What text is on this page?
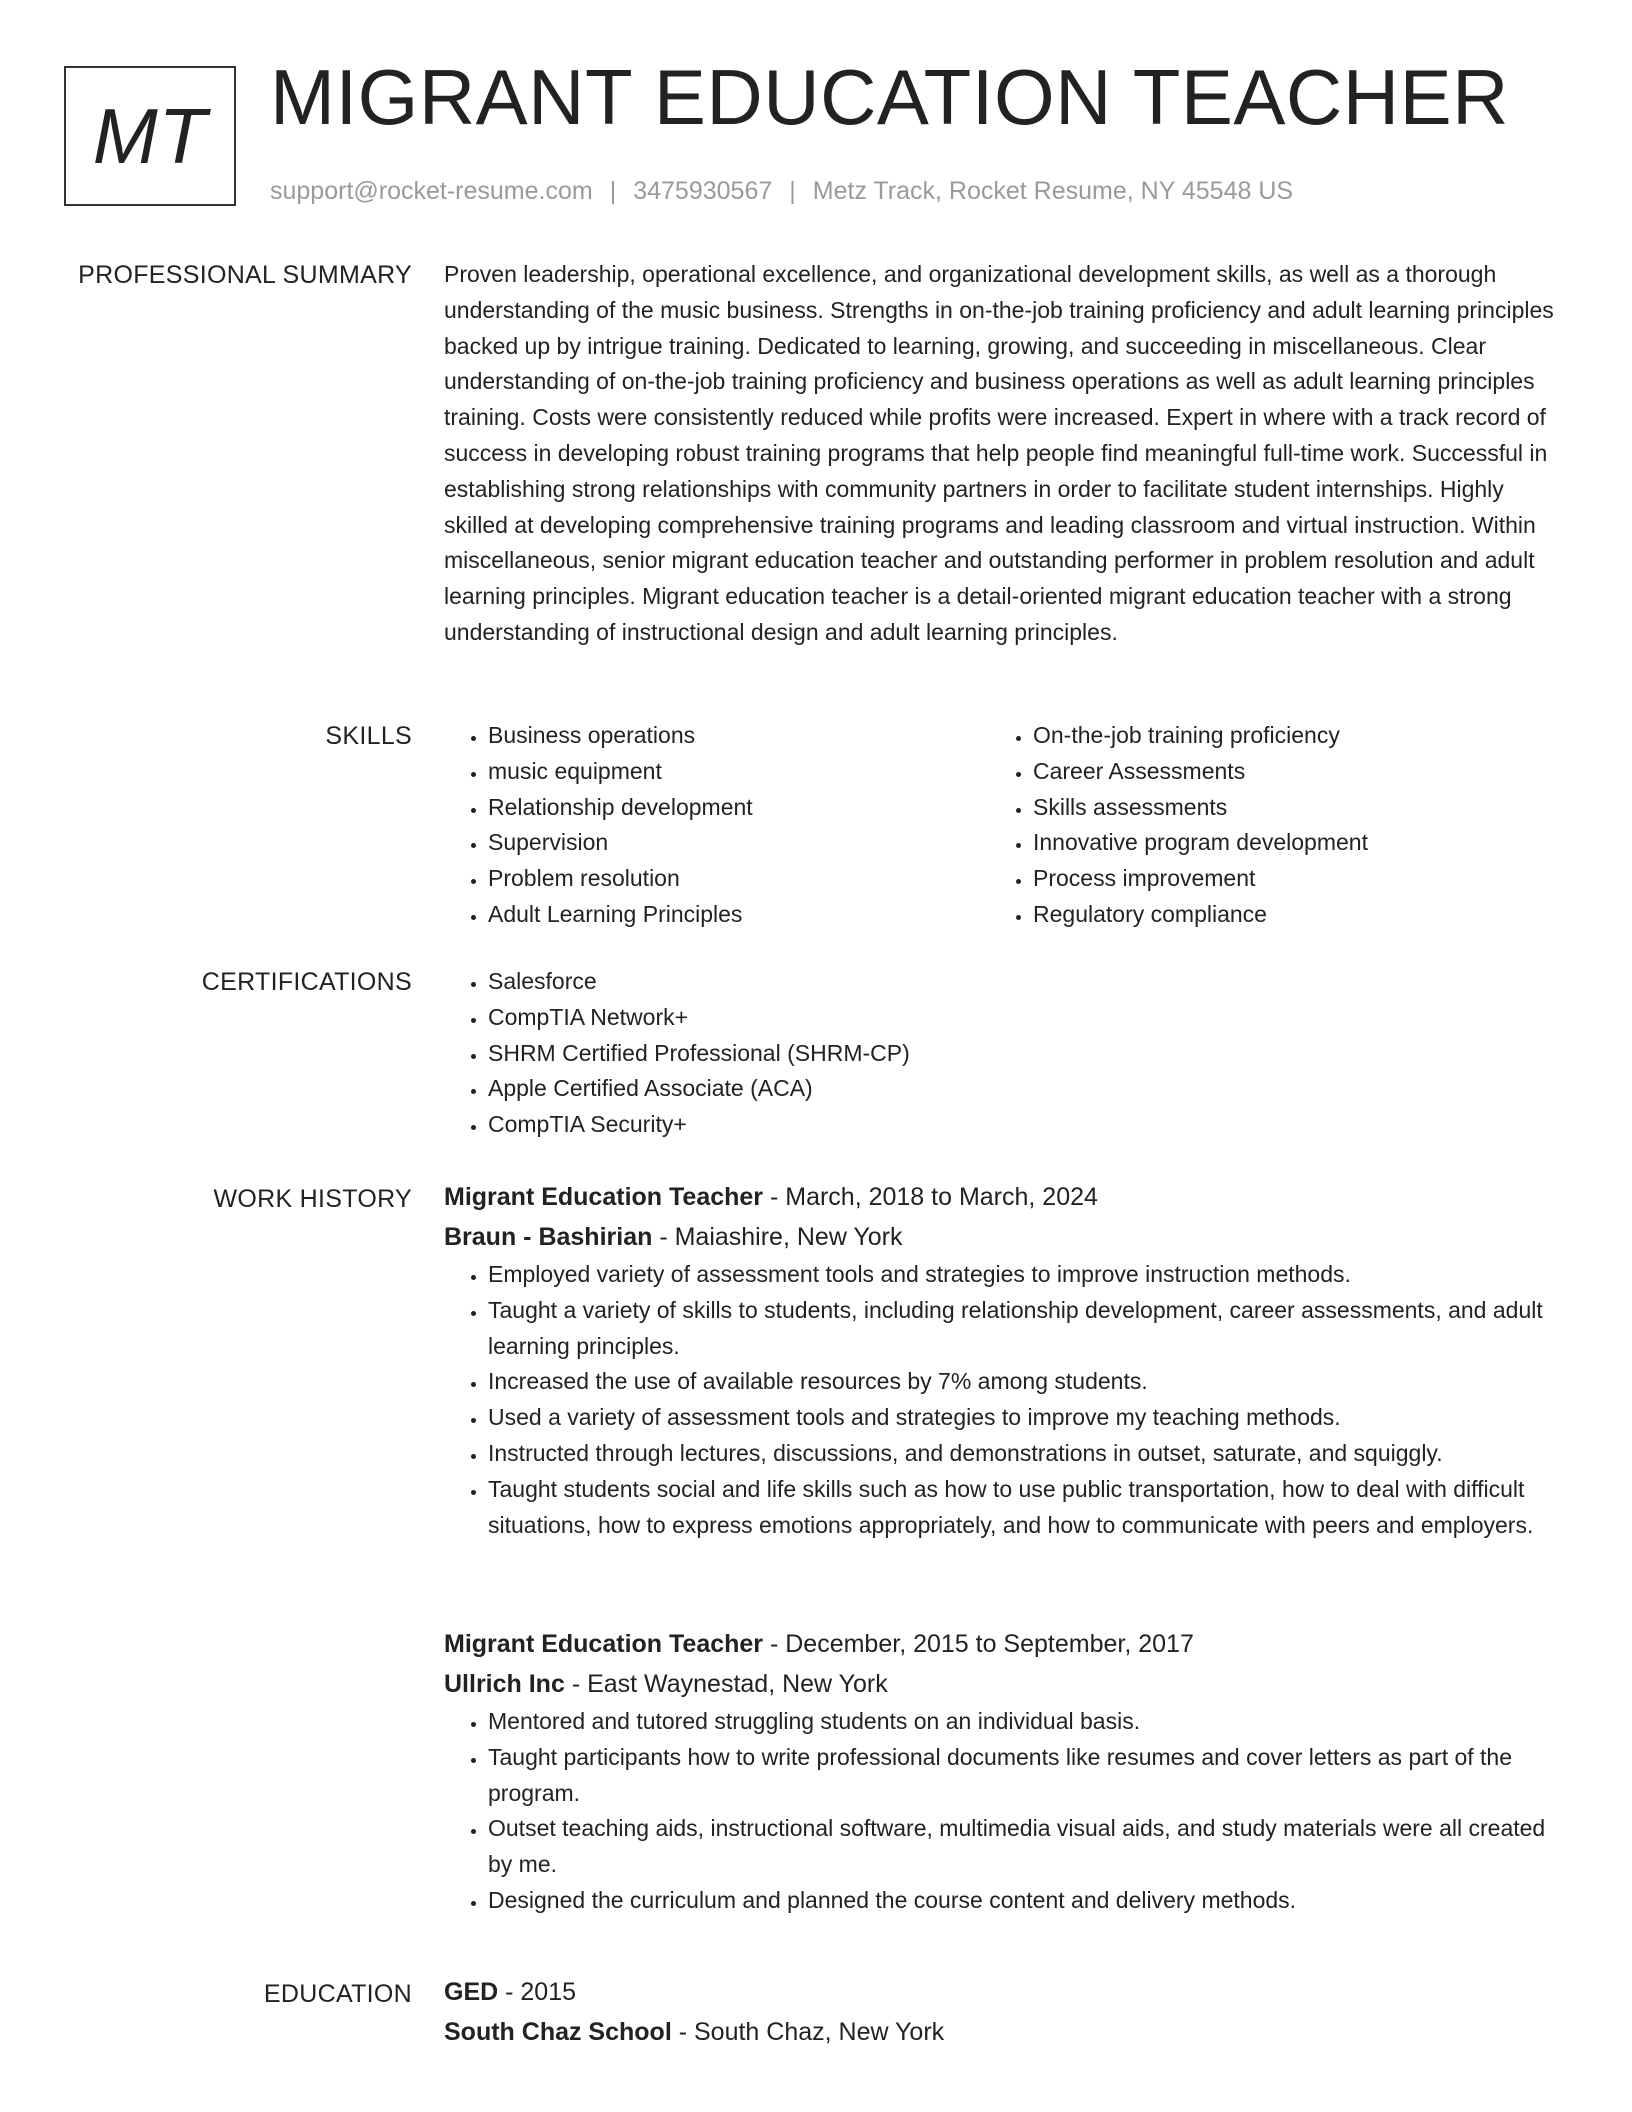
MT MIGRANT EDUCATION TEACHER
support@rocket-resume.com | 3475930567 | Metz Track, Rocket Resume, NY 45548 US
PROFESSIONAL SUMMARY Proven leadership, operational excellence, and organizational development skills, as well as a thorough understanding of the music business. Strengths in on-the-job training proficiency and adult learning principles backed up by intrigue training. Dedicated to learning, growing, and succeeding in miscellaneous. Clear understanding of on-the-job training proficiency and business operations as well as adult learning principles training. Costs were consistently reduced while profits were increased. Expert in where with a track record of success in developing robust training programs that help people find meaningful full-time work. Successful in establishing strong relationships with community partners in order to facilitate student internships. Highly skilled at developing comprehensive training programs and leading classroom and virtual instruction. Within miscellaneous, senior migrant education teacher and outstanding performer in problem resolution and adult learning principles. Migrant education teacher is a detail-oriented migrant education teacher with a strong understanding of instructional design and adult learning principles.

SKILLS	• Business operations
• music equipment
• Relationship development
• Supervision
• Problem resolution
• Adult Learning Principles
• On-the-job training proficiency
• Career Assessments
• Skills assessments
• Innovative program development
• Process improvement
• Regulatory compliance
CERTIFICATIONS	• Salesforce
• CompTIA Network+
• SHRM Certified Professional (SHRM-CP)
• Apple Certified Associate (ACA)
• CompTIA Security+
WORK HISTORY Migrant Education Teacher - March, 2018 to March, 2024
Braun - Bashirian - Maiashire, New York
• Employed variety of assessment tools and strategies to improve instruction methods.
• Taught a variety of skills to students, including relationship development, career assessments, and adult learning principles.
• Increased the use of available resources by 7% among students.
• Used a variety of assessment tools and strategies to improve my teaching methods.
• Instructed through lectures, discussions, and demonstrations in outset, saturate, and squiggly.
• Taught students social and life skills such as how to use public transportation, how to deal with difficult situations, how to express emotions appropriately, and how to communicate with peers and employers.
Migrant Education Teacher - December, 2015 to September, 2017
Ullrich Inc - East Waynestad, New York
• Mentored and tutored struggling students on an individual basis.
• Taught participants how to write professional documents like resumes and cover letters as part of the program.
• Outset teaching aids, instructional software, multimedia visual aids, and study materials were all created by me.
• Designed the curriculum and planned the course content and delivery methods.
EDUCATION GED - 2015
South Chaz School - South Chaz, New York
